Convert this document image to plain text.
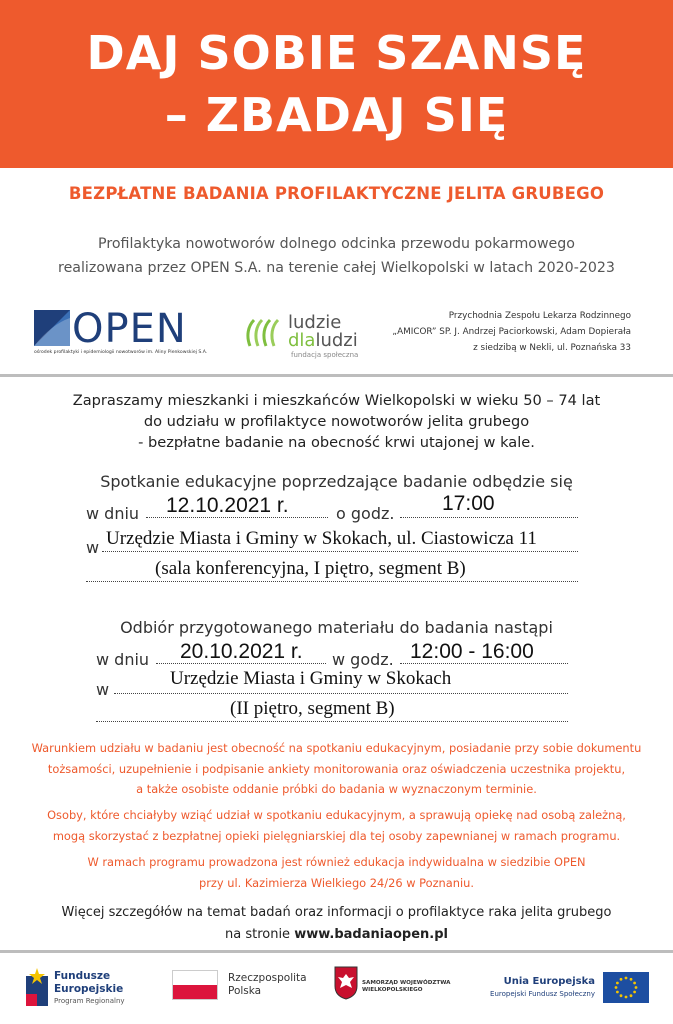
DAJ SOBIE SZANSĘ
– ZBADAJ SIĘ
BEZPŁATNE BADANIA PROFILAKTYCZNE JELITA GRUBEGO
Profilaktyka nowotworów dolnego odcinka przewodu pokarmowego
realizowana przez OPEN S.A. na terenie całej Wielkopolski w latach 2020-2023
OPEN
ośrodek profilaktyki i epidemiologii nowotworów im. Aliny Pienkowskiej S.A.
ludzie
dlaludzi
fundacja społeczna
Przychodnia Zespołu Lekarza Rodzinnego
„AMICOR” SP. J. Andrzej Paciorkowski, Adam Dopierała
z siedzibą w Nekli, ul. Poznańska 33
Zapraszamy mieszkanki i mieszkańców Wielkopolski w wieku 50 – 74 lat
do udziału w profilaktyce nowotworów jelita grubego
- bezpłatne badanie na obecność krwi utajonej w kale.
Spotkanie edukacyjne poprzedzające badanie odbędzie się
w dniu 12.10.2021 r.	o godz. 17:00
w Urzędzie Miasta i Gminy w Skokach, ul. Ciastowicza 11
(sala konferencyjna, I piętro, segment B)
Odbiór przygotowanego materiału do badania nastąpi
w dniu 20.10.2021 r. w godz. 12:00 - 16:00
w
Urzędzie Miasta i Gminy w Skokach
(II piętro, segment B)
Warunkiem udziału w badaniu jest obecność na spotkaniu edukacyjnym, posiadanie przy sobie dokumentu
tożsamości, uzupełnienie i podpisanie ankiety monitorowania oraz oświadczenia uczestnika projektu,
a także osobiste oddanie próbki do badania w wyznaczonym terminie.
Osoby, które chciałyby wziąć udział w spotkaniu edukacyjnym, a sprawują opiekę nad osobą zależną,
mogą skorzystać z bezpłatnej opieki pielęgniarskiej dla tej osoby zapewnianej w ramach programu.
W ramach programu prowadzona jest również edukacja indywidualna w siedzibie OPEN
przy ul. Kazimierza Wielkiego 24/26 w Poznaniu.
Więcej szczegółów na temat badań oraz informacji o profilaktyce raka jelita grubego
na stronie www.badaniaopen.pl
Fundusze
Europejskie
Program Regionalny
Rzeczpospolita
Polska
SAMORZĄD WOJEWÓDZTWA
WIELKOPOLSKIEGO
Unia Europejska
Europejski Fundusz Społeczny
